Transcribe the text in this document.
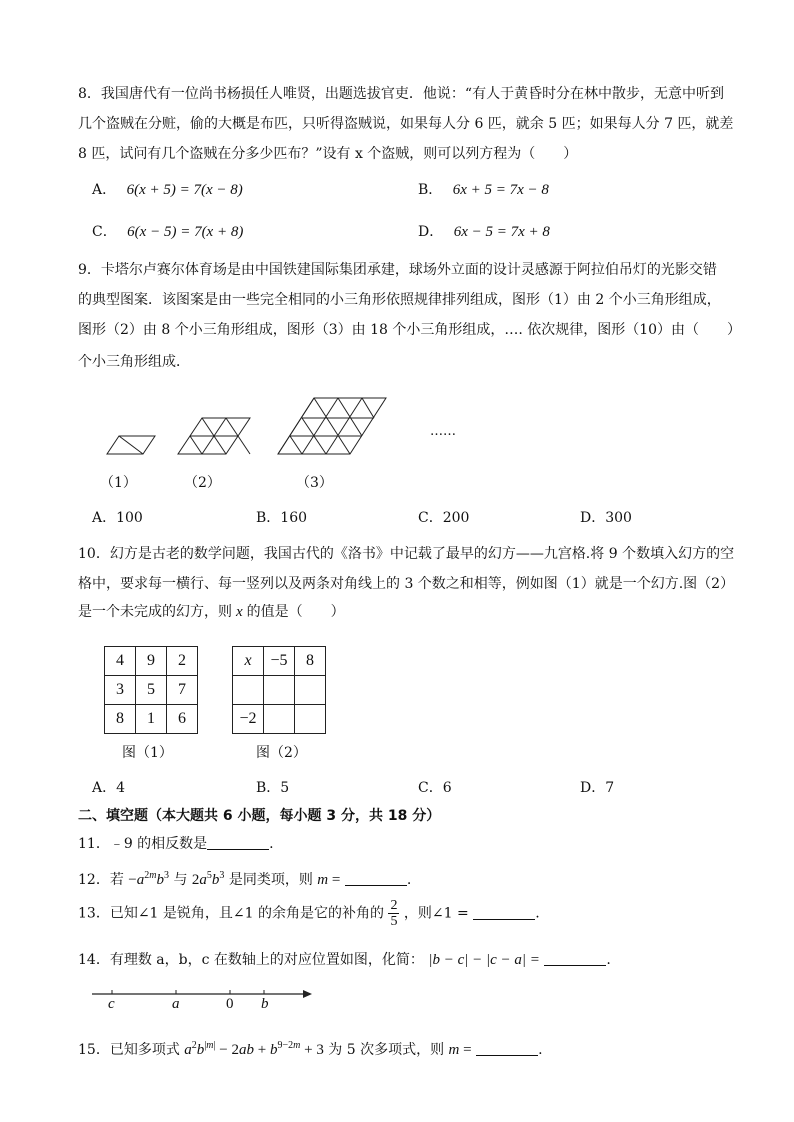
8．我国唐代有一位尚书杨损任人唯贤，出题选拔官吏．他说：“有人于黄昏时分在林中散步，无意中听到
几个盗贼在分赃，偷的大概是布匹，只听得盗贼说，如果每人分 6 匹，就余 5 匹；如果每人分 7 匹，就差
8 匹，试问有几个盗贼在分多少匹布？”设有 x 个盗贼，则可以列方程为（　　）
A． 6(x + 5) = 7(x − 8)	B． 6x + 5 = 7x − 8
C． 6(x − 5) = 7(x + 8)	D． 6x − 5 = 7x + 8
9．卡塔尔卢赛尔体育场是由中国铁建国际集团承建，球场外立面的设计灵感源于阿拉伯吊灯的光影交错
的典型图案．该图案是由一些完全相同的小三角形依照规律排列组成，图形（1）由 2 个小三角形组成，
图形（2）由 8 个小三角形组成，图形（3）由 18 个小三角形组成，…. 依次规律，图形（10）由（　　）
个小三角形组成．
……
（1）	（2）	（3）
A．100	B．160	C．200	D．300
10．幻方是古老的数学问题，我国古代的《洛书》中记载了最早的幻方——九宫格.将 9 个数填入幻方的空
格中，要求每一横行、每一竖列以及两条对角线上的 3 个数之和相等，例如图（1）就是一个幻方.图（2）
是一个未完成的幻方，则 x 的值是（　　）
4	9	2
3	5	7
8	1	6
x	−5	8

−2		
图（1）	图（2）
A．4	B．5	C．6	D．7
二、填空题（本大题共 6 小题，每小题 3 分，共 18 分）
11．﹣9 的相反数是	.
12．若 $-a^{2m}b^3$ 与 $2a^5b^3$ 是同类项，则 m =	.
13．已知∠1 是锐角，且∠1 的余角是它的补角的 $\frac{2}{5}$ ，则∠1 =	.
14．有理数 a，b，c 在数轴上的对应位置如图，化简： |b − c| − |c − a| =	.
c	a	0 b
15．已知多项式 $a^2b^{|m|} - 2ab + b^{9-2m} + 3$ 为 5 次多项式，则 m =	.
